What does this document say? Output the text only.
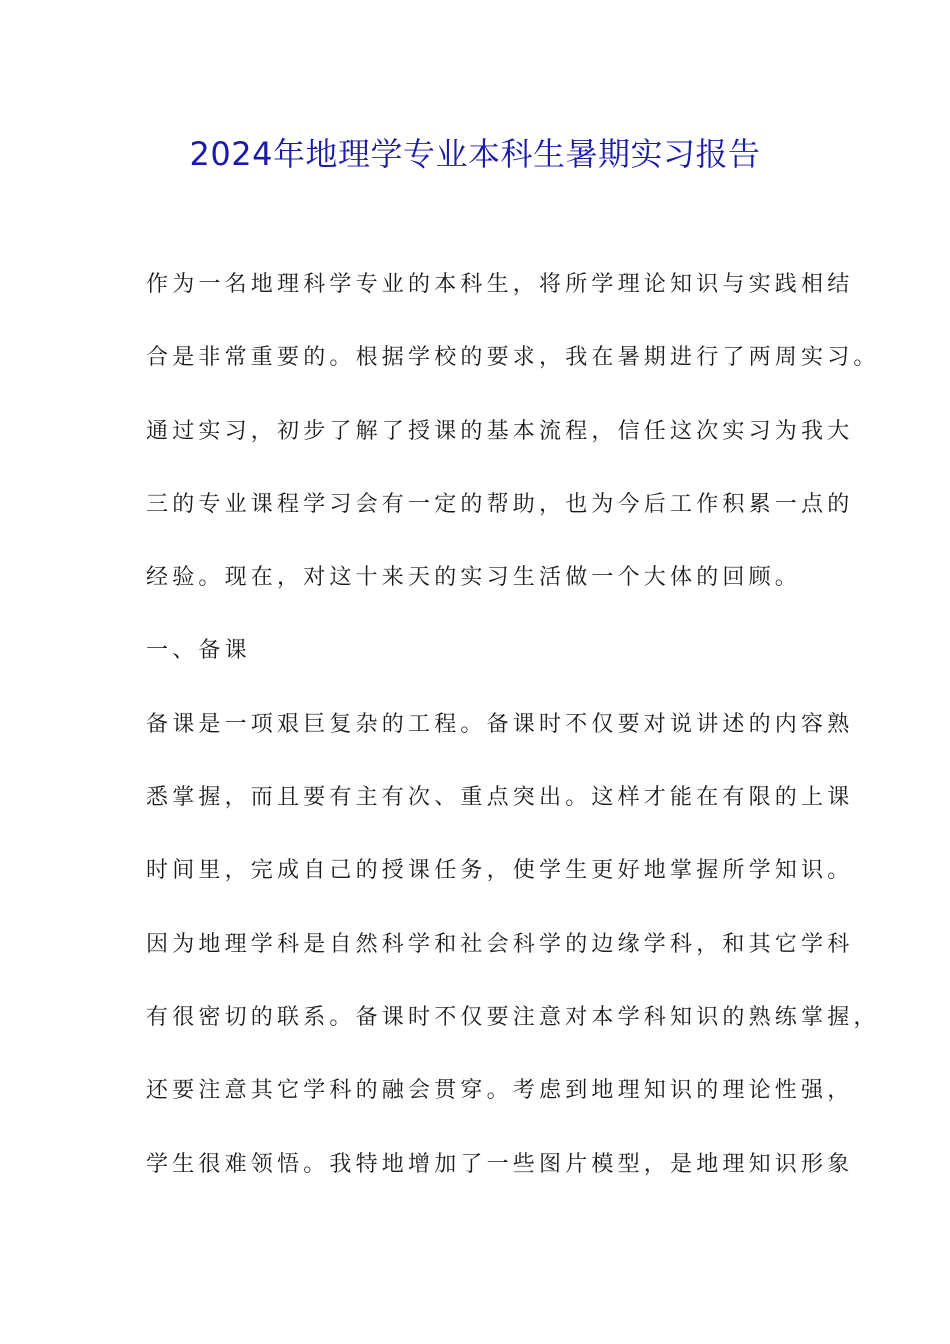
2024年地理学专业本科生暑期实习报告
作为一名地理科学专业的本科生，将所学理论知识与实践相结
合是非常重要的。根据学校的要求，我在暑期进行了两周实习。
通过实习，初步了解了授课的基本流程，信任这次实习为我大
三的专业课程学习会有一定的帮助，也为今后工作积累一点的
经验。现在，对这十来天的实习生活做一个大体的回顾。
一、备课
备课是一项艰巨复杂的工程。备课时不仅要对说讲述的内容熟
悉掌握，而且要有主有次、重点突出。这样才能在有限的上课
时间里，完成自己的授课任务，使学生更好地掌握所学知识。
因为地理学科是自然科学和社会科学的边缘学科，和其它学科
有很密切的联系。备课时不仅要注意对本学科知识的熟练掌握，
还要注意其它学科的融会贯穿。考虑到地理知识的理论性强，
学生很难领悟。我特地增加了一些图片模型，是地理知识形象
